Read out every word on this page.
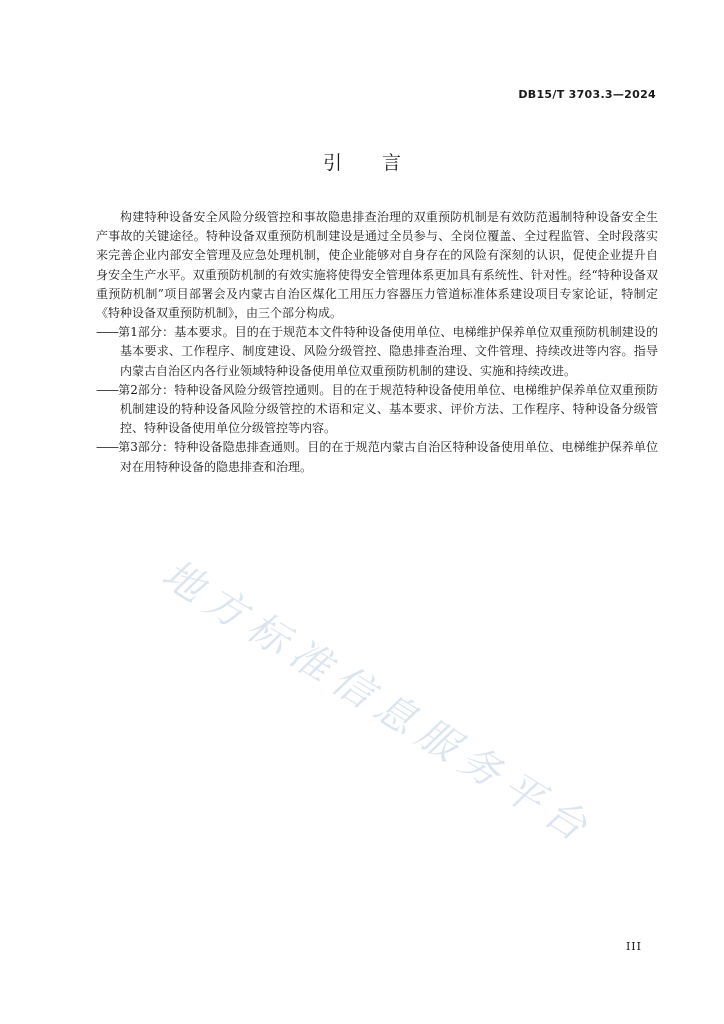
DB15/T 3703.3—2024
引言

构建特种设备安全风险分级管控和事故隐患排查治理的双重预防机制是有效防范遏制特种设备安全生产事故的关键途径。特种设备双重预防机制建设是通过全员参与、全岗位覆盖、全过程监管、全时段落实来完善企业内部安全管理及应急处理机制，使企业能够对自身存在的风险有深刻的认识，促使企业提升自身安全生产水平。双重预防机制的有效实施将使得安全管理体系更加具有系统性、针对性。经“特种设备双重预防机制”项目部署会及内蒙古自治区煤化工用压力容器压力管道标准体系建设项目专家论证，特制定《特种设备双重预防机制》，由三个部分构成。

——第1部分：基本要求。目的在于规范本文件特种设备使用单位、电梯维护保养单位双重预防机制建设的基本要求、工作程序、制度建设、风险分级管控、隐患排查治理、文件管理、持续改进等内容。指导内蒙古自治区内各行业领域特种设备使用单位双重预防机制的建设、实施和持续改进。

——第2部分：特种设备风险分级管控通则。目的在于规范特种设备使用单位、电梯维护保养单位双重预防机制建设的特种设备风险分级管控的术语和定义、基本要求、评价方法、工作程序、特种设备分级管控、特种设备使用单位分级管控等内容。

——第3部分：特种设备隐患排查通则。目的在于规范内蒙古自治区特种设备使用单位、电梯维护保养单位对在用特种设备的隐患排查和治理。

地方标准信息服务平台
III
